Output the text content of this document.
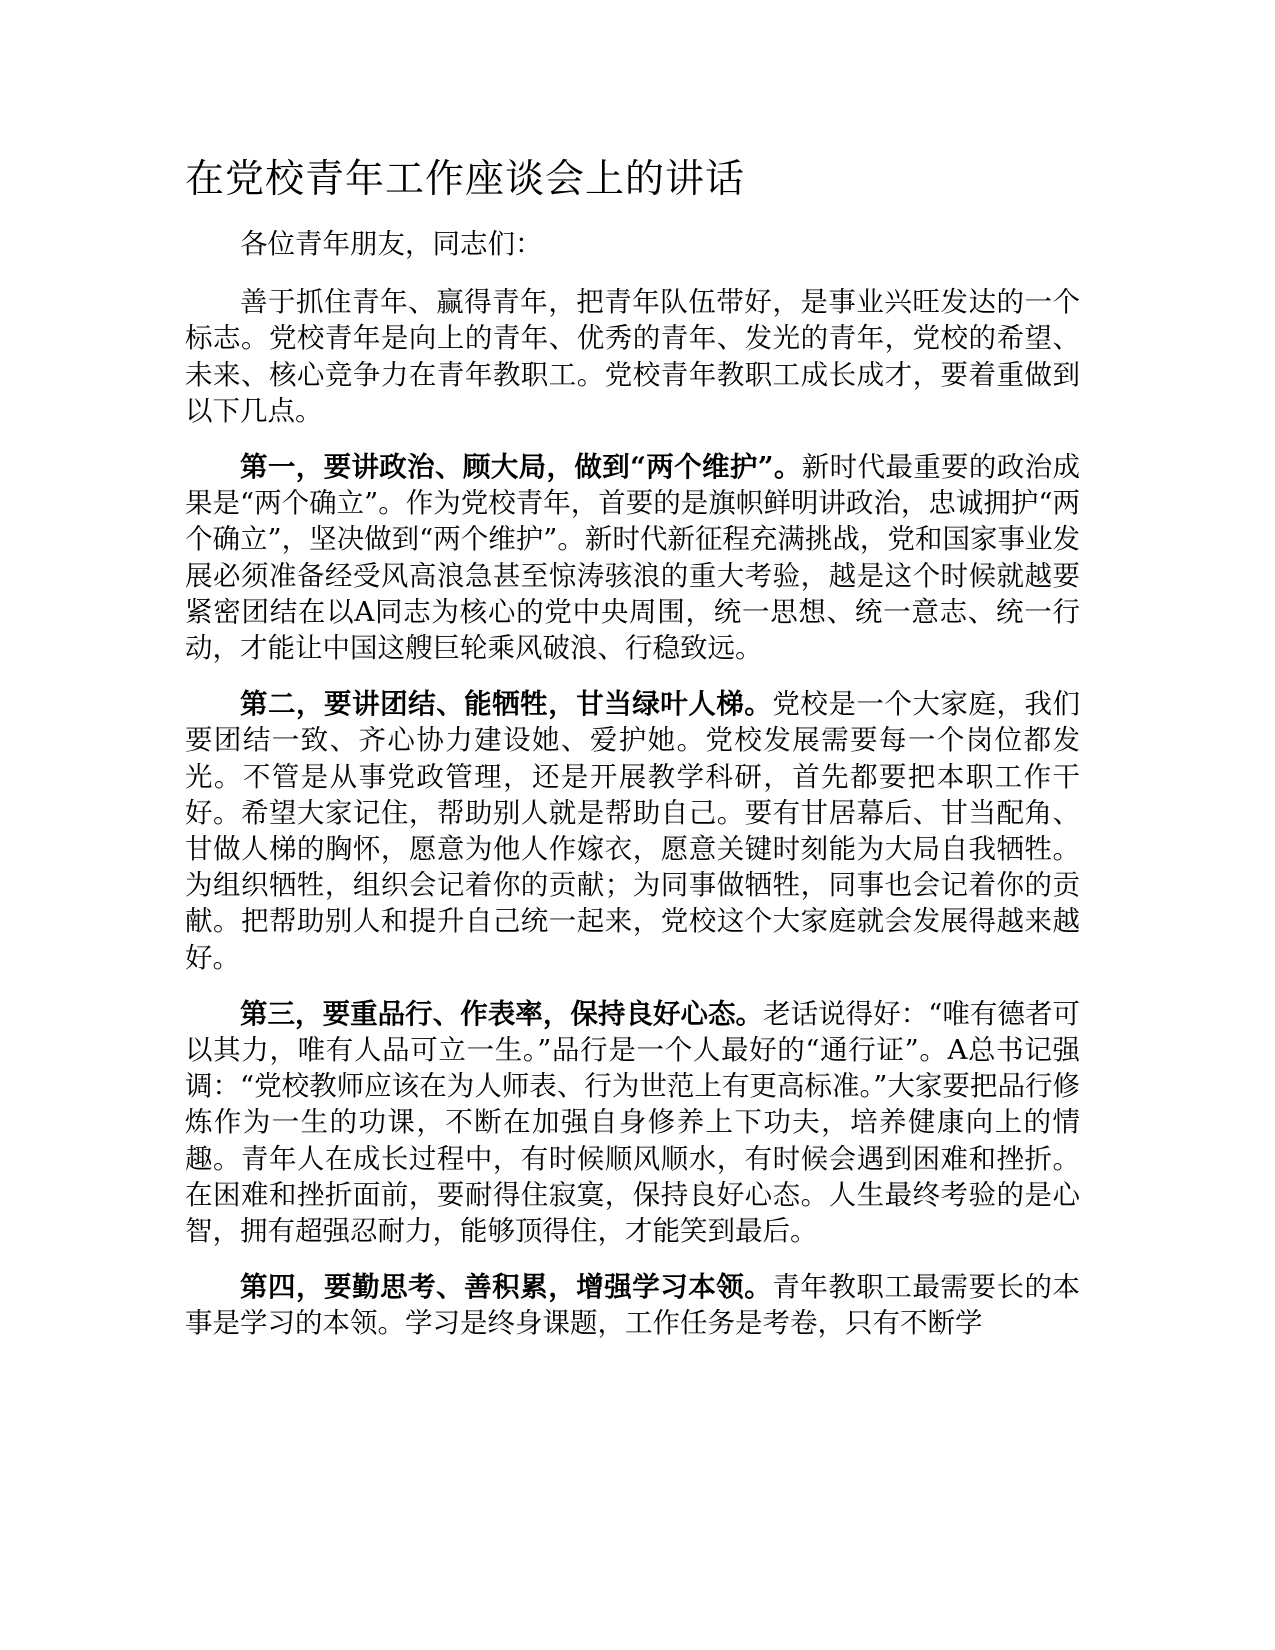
在党校青年工作座谈会上的讲话

各位青年朋友，同志们：

善于抓住青年、赢得青年，把青年队伍带好，是事业兴旺发达的一个标志。党校青年是向上的青年、优秀的青年、发光的青年，党校的希望、未来、核心竞争力在青年教职工。党校青年教职工成长成才，要着重做到以下几点。

第一，要讲政治、顾大局，做到“两个维护”。新时代最重要的政治成果是“两个确立”。作为党校青年，首要的是旗帜鲜明讲政治，忠诚拥护“两个确立”，坚决做到“两个维护”。新时代新征程充满挑战，党和国家事业发展必须准备经受风高浪急甚至惊涛骇浪的重大考验，越是这个时候就越要紧密团结在以A同志为核心的党中央周围，统一思想、统一意志、统一行动，才能让中国这艘巨轮乘风破浪、行稳致远。

第二，要讲团结、能牺牲，甘当绿叶人梯。党校是一个大家庭，我们要团结一致、齐心协力建设她、爱护她。党校发展需要每一个岗位都发光。不管是从事党政管理，还是开展教学科研，首先都要把本职工作干好。希望大家记住，帮助别人就是帮助自己。要有甘居幕后、甘当配角、甘做人梯的胸怀，愿意为他人作嫁衣，愿意关键时刻能为大局自我牺牲。为组织牺牲，组织会记着你的贡献；为同事做牺牲，同事也会记着你的贡献。把帮助别人和提升自己统一起来，党校这个大家庭就会发展得越来越好。

第三，要重品行、作表率，保持良好心态。老话说得好：“唯有德者可以其力，唯有人品可立一生。”品行是一个人最好的“通行证”。A总书记强调：“党校教师应该在为人师表、行为世范上有更高标准。”大家要把品行修炼作为一生的功课，不断在加强自身修养上下功夫，培养健康向上的情趣。青年人在成长过程中，有时候顺风顺水，有时候会遇到困难和挫折。在困难和挫折面前，要耐得住寂寞，保持良好心态。人生最终考验的是心智，拥有超强忍耐力，能够顶得住，才能笑到最后。

第四，要勤思考、善积累，增强学习本领。青年教职工最需要长的本事是学习的本领。学习是终身课题，工作任务是考卷，只有不断学
